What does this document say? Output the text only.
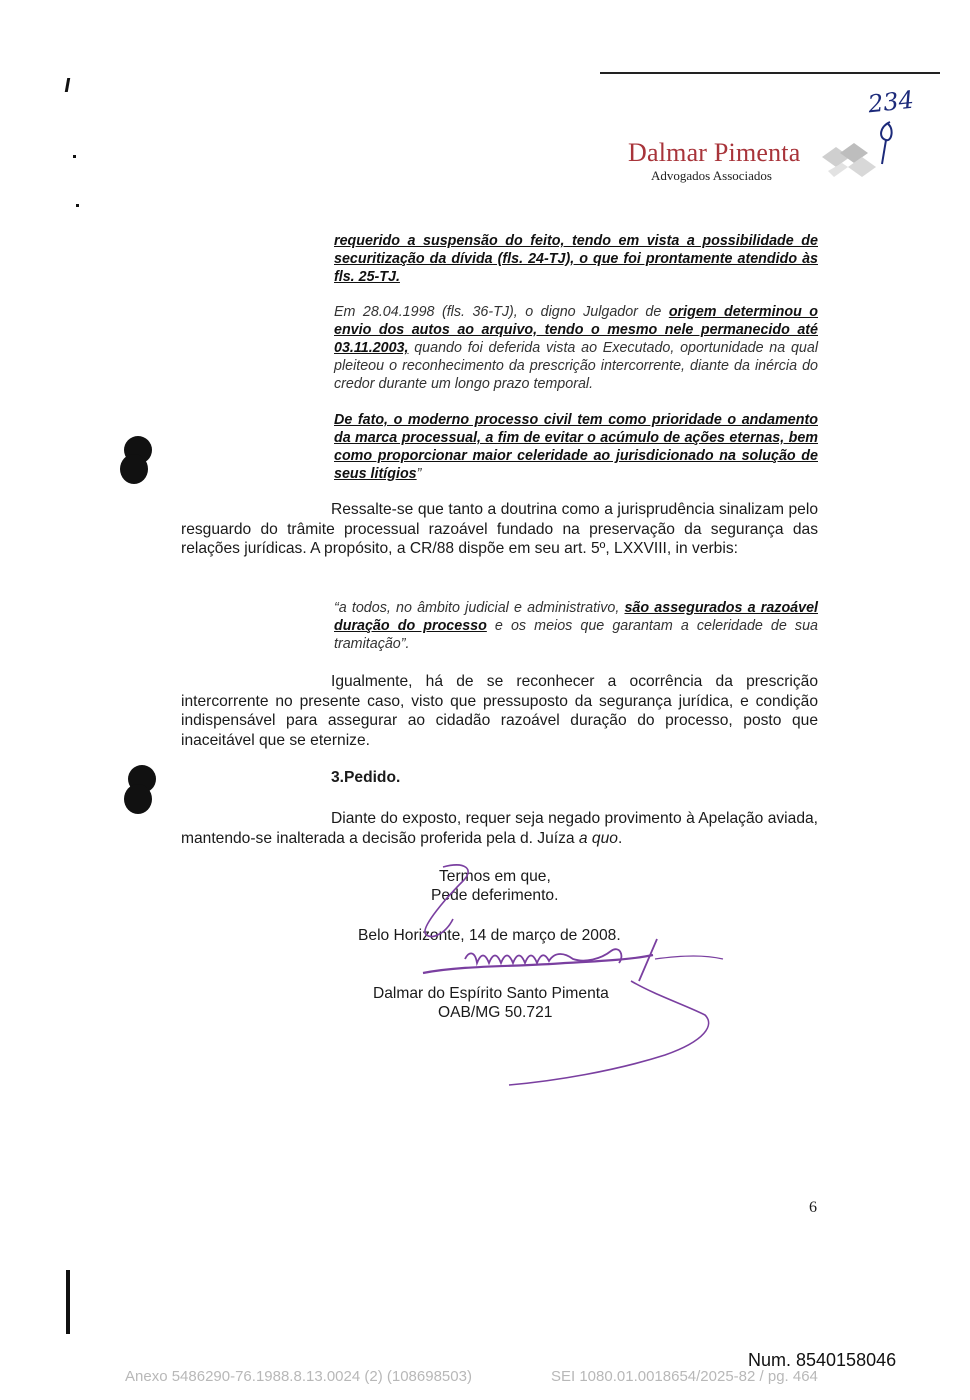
234
Dalmar Pimenta
Advogados Associados
requerido a suspensão do feito, tendo em vista a possibilidade de securitização da dívida (fls. 24-TJ), o que foi prontamente atendido às fls. 25-TJ.
Em 28.04.1998 (fls. 36-TJ), o digno Julgador de origem determinou o envio dos autos ao arquivo, tendo o mesmo nele permanecido até 03.11.2003, quando foi deferida vista ao Executado, oportunidade na qual pleiteou o reconhecimento da prescrição intercorrente, diante da inércia do credor durante um longo prazo temporal.
De fato, o moderno processo civil tem como prioridade o andamento da marca processual, a fim de evitar o acúmulo de ações eternas, bem como proporcionar maior celeridade ao jurisdicionado na solução de seus litígios”
Ressalte-se que tanto a doutrina como a jurisprudência sinalizam pelo resguardo do trâmite processual razoável fundado na preservação da segurança das relações jurídicas. A propósito, a CR/88 dispõe em seu art. 5º, LXXVIII, in verbis:
“a todos, no âmbito judicial e administrativo, são assegurados a razoável duração do processo e os meios que garantam a celeridade de sua tramitação”.
Igualmente, há de se reconhecer a ocorrência da prescrição intercorrente no presente caso, visto que pressuposto da segurança jurídica, e condição indispensável para assegurar ao cidadão razoável duração do processo, posto que inaceitável que se eternize.
3.Pedido.
Diante do exposto, requer seja negado provimento à Apelação aviada, mantendo-se inalterada a decisão proferida pela d. Juíza a quo.
Termos em que,
Pede deferimento.
Belo Horizonte, 14 de março de 2008.
Dalmar do Espírito Santo Pimenta
OAB/MG 50.721
6
Num. 8540158046
Anexo 5486290-76.1988.8.13.0024 (2) (108698503)	SEI 1080.01.0018654/2025-82 / pg. 464
